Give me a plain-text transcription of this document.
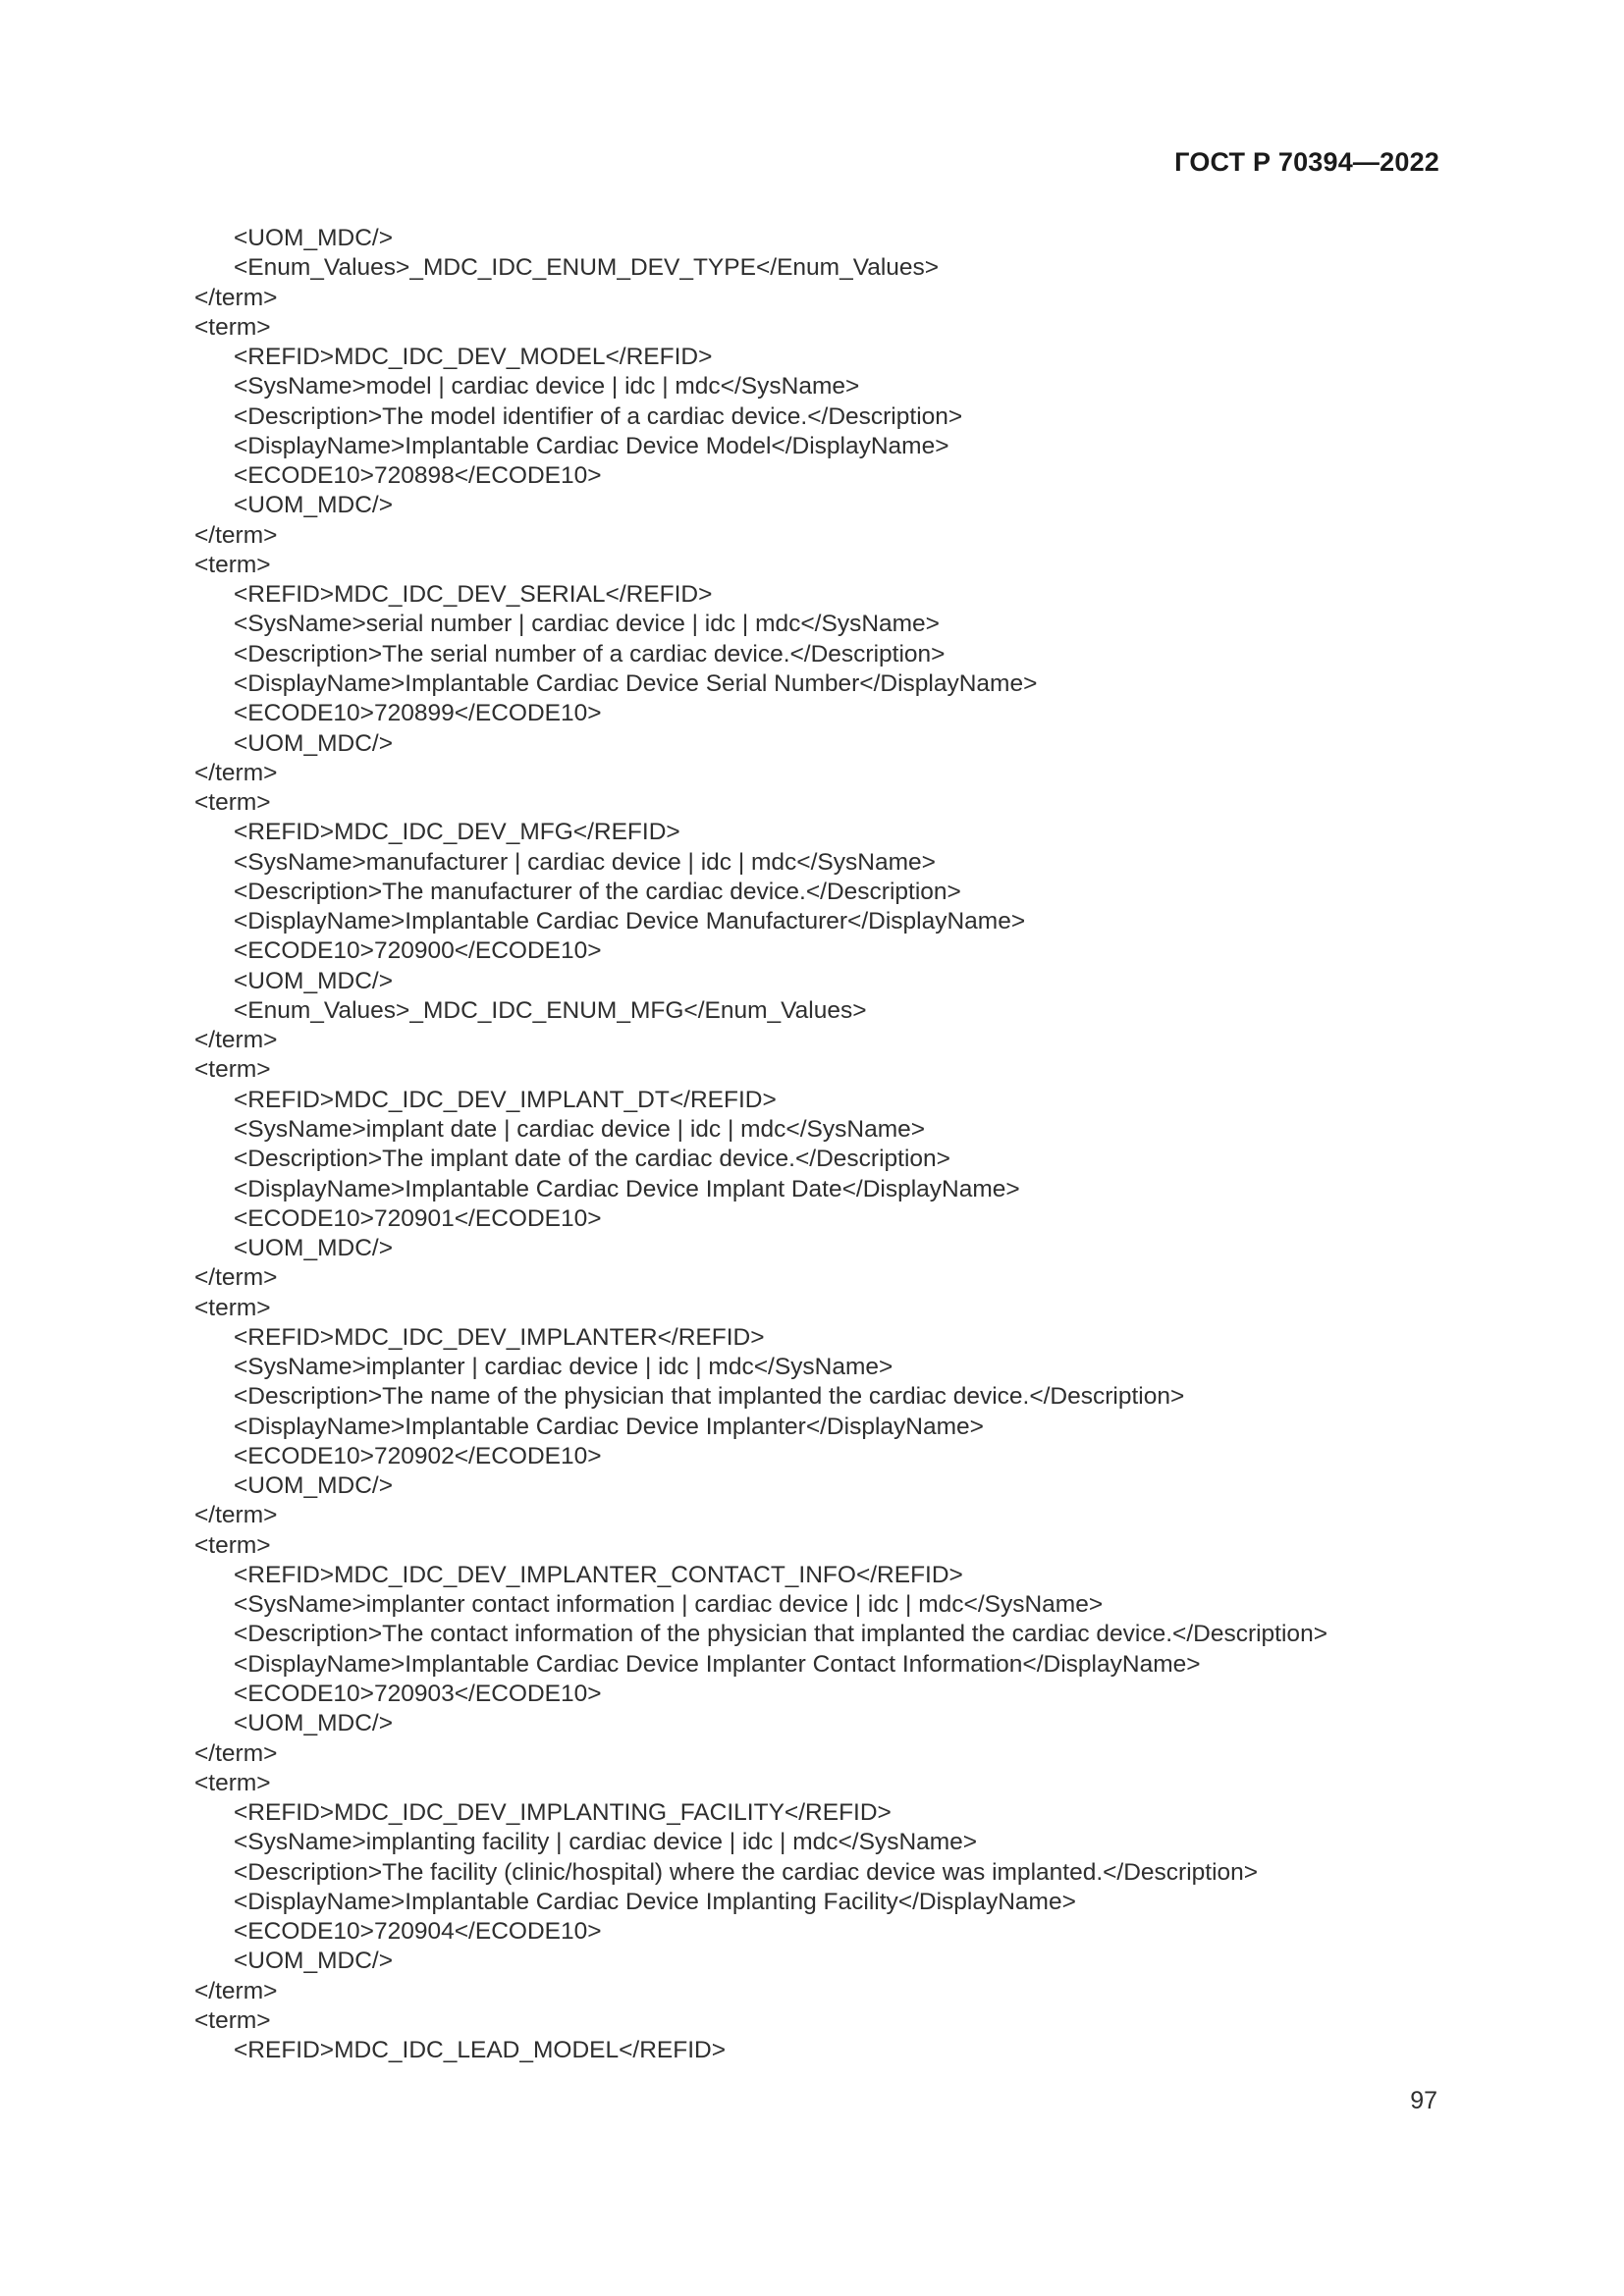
ГОСТ Р 70394—2022
<UOM_MDC/>
<Enum_Values>_MDC_IDC_ENUM_DEV_TYPE</Enum_Values>
</term>
<term>
<REFID>MDC_IDC_DEV_MODEL</REFID>
<SysName>model | cardiac device | idc | mdc</SysName>
<Description>The model identifier of a cardiac device.</Description>
<DisplayName>Implantable Cardiac Device Model</DisplayName>
<ECODE10>720898</ECODE10>
<UOM_MDC/>
</term>
<term>
<REFID>MDC_IDC_DEV_SERIAL</REFID>
<SysName>serial number | cardiac device | idc | mdc</SysName>
<Description>The serial number of a cardiac device.</Description>
<DisplayName>Implantable Cardiac Device Serial Number</DisplayName>
<ECODE10>720899</ECODE10>
<UOM_MDC/>
</term>
<term>
<REFID>MDC_IDC_DEV_MFG</REFID>
<SysName>manufacturer | cardiac device | idc | mdc</SysName>
<Description>The manufacturer of the cardiac device.</Description>
<DisplayName>Implantable Cardiac Device Manufacturer</DisplayName>
<ECODE10>720900</ECODE10>
<UOM_MDC/>
<Enum_Values>_MDC_IDC_ENUM_MFG</Enum_Values>
</term>
<term>
<REFID>MDC_IDC_DEV_IMPLANT_DT</REFID>
<SysName>implant date | cardiac device | idc | mdc</SysName>
<Description>The implant date of the cardiac device.</Description>
<DisplayName>Implantable Cardiac Device Implant Date</DisplayName>
<ECODE10>720901</ECODE10>
<UOM_MDC/>
</term>
<term>
<REFID>MDC_IDC_DEV_IMPLANTER</REFID>
<SysName>implanter | cardiac device | idc | mdc</SysName>
<Description>The name of the physician that implanted the cardiac device.</Description>
<DisplayName>Implantable Cardiac Device Implanter</DisplayName>
<ECODE10>720902</ECODE10>
<UOM_MDC/>
</term>
<term>
<REFID>MDC_IDC_DEV_IMPLANTER_CONTACT_INFO</REFID>
<SysName>implanter contact information | cardiac device | idc | mdc</SysName>
<Description>The contact information of the physician that implanted the cardiac device.</Description>
<DisplayName>Implantable Cardiac Device Implanter Contact Information</DisplayName>
<ECODE10>720903</ECODE10>
<UOM_MDC/>
</term>
<term>
<REFID>MDC_IDC_DEV_IMPLANTING_FACILITY</REFID>
<SysName>implanting facility | cardiac device | idc | mdc</SysName>
<Description>The facility (clinic/hospital) where the cardiac device was implanted.</Description>
<DisplayName>Implantable Cardiac Device Implanting Facility</DisplayName>
<ECODE10>720904</ECODE10>
<UOM_MDC/>
</term>
<term>
<REFID>MDC_IDC_LEAD_MODEL</REFID>
97
